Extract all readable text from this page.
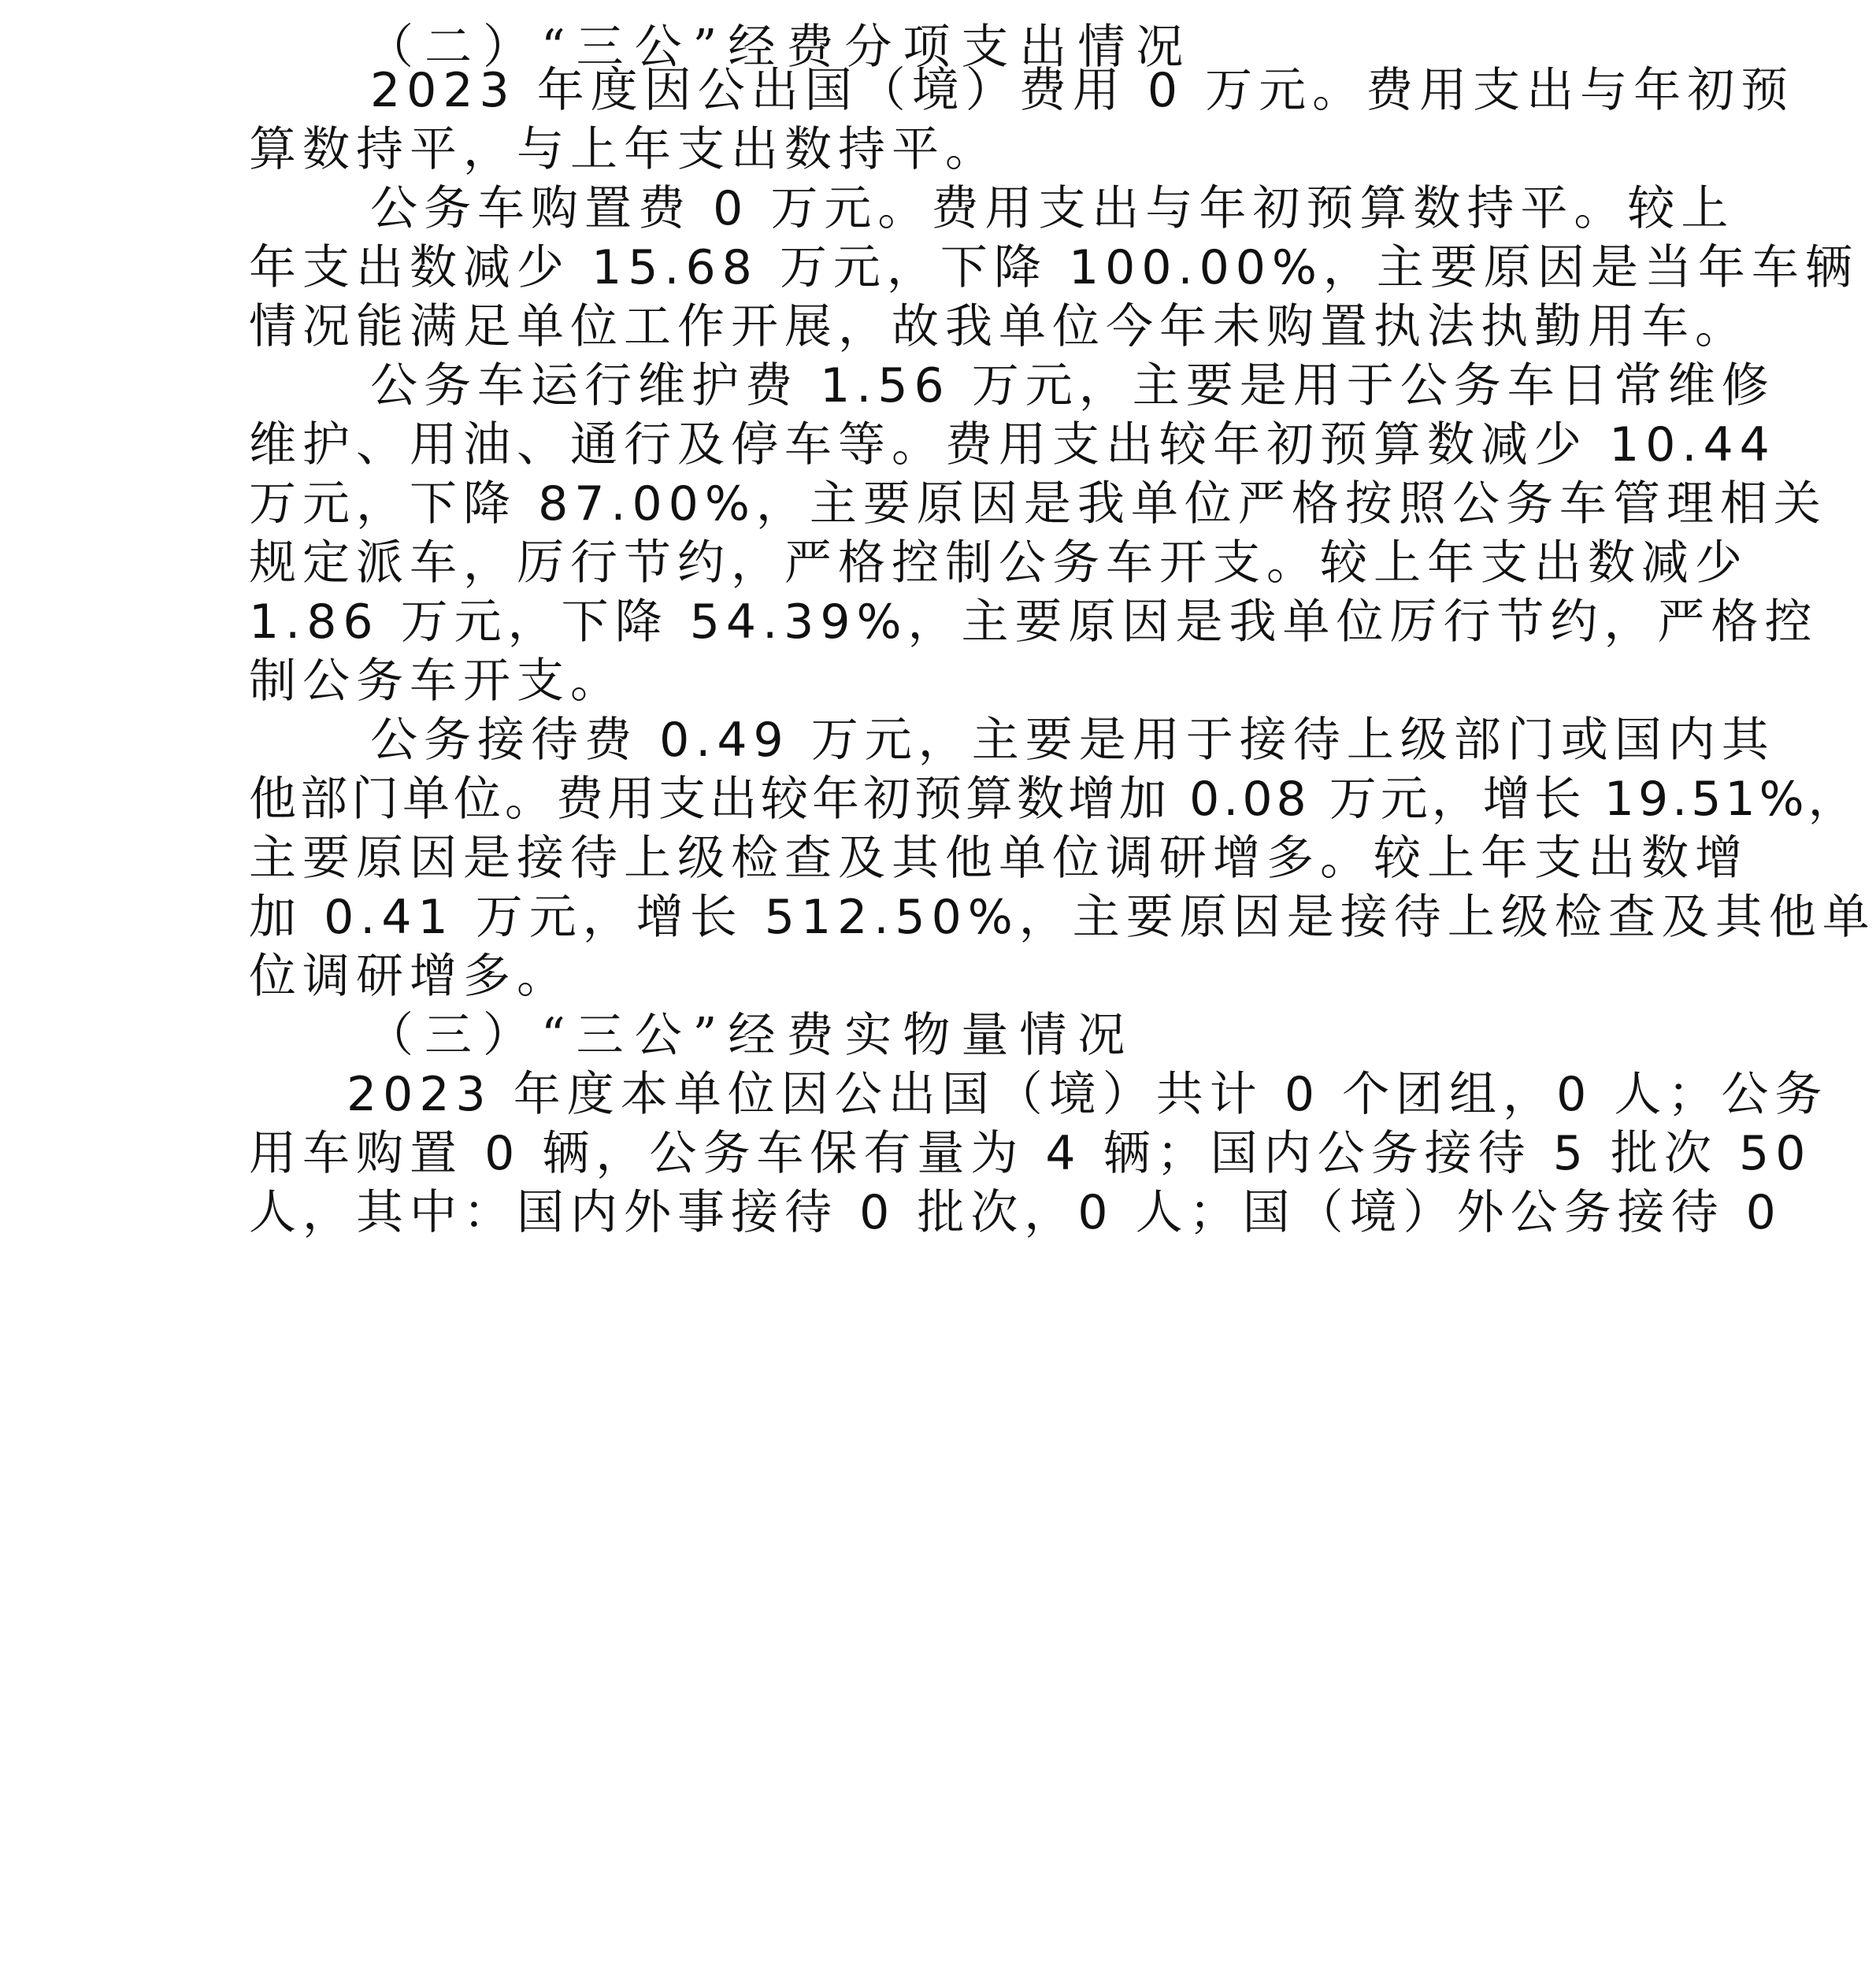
（二）“三公”经费分项支出情况
2023 年度因公出国（境）费用 0 万元。费用支出与年初预
算数持平，与上年支出数持平。
公务车购置费 0 万元。费用支出与年初预算数持平。较上
年支出数减少 15.68 万元，下降 100.00%，主要原因是当年车辆
情况能满足单位工作开展，故我单位今年未购置执法执勤用车。
公务车运行维护费 1.56 万元，主要是用于公务车日常维修
维护、用油、通行及停车等。费用支出较年初预算数减少 10.44
万元，下降 87.00%，主要原因是我单位严格按照公务车管理相关
规定派车，厉行节约，严格控制公务车开支。较上年支出数减少
1.86 万元，下降 54.39%，主要原因是我单位厉行节约，严格控
制公务车开支。
公务接待费 0.49 万元，主要是用于接待上级部门或国内其
他部门单位。费用支出较年初预算数增加 0.08 万元，增长 19.51%，
主要原因是接待上级检查及其他单位调研增多。较上年支出数增
加 0.41 万元，增长 512.50%，主要原因是接待上级检查及其他单
位调研增多。
（三）“三公”经费实物量情况
2023 年度本单位因公出国（境）共计 0 个团组，0 人；公务
用车购置 0 辆，公务车保有量为 4 辆；国内公务接待 5 批次 50
人，其中：国内外事接待 0 批次，0 人；国（境）外公务接待 0
